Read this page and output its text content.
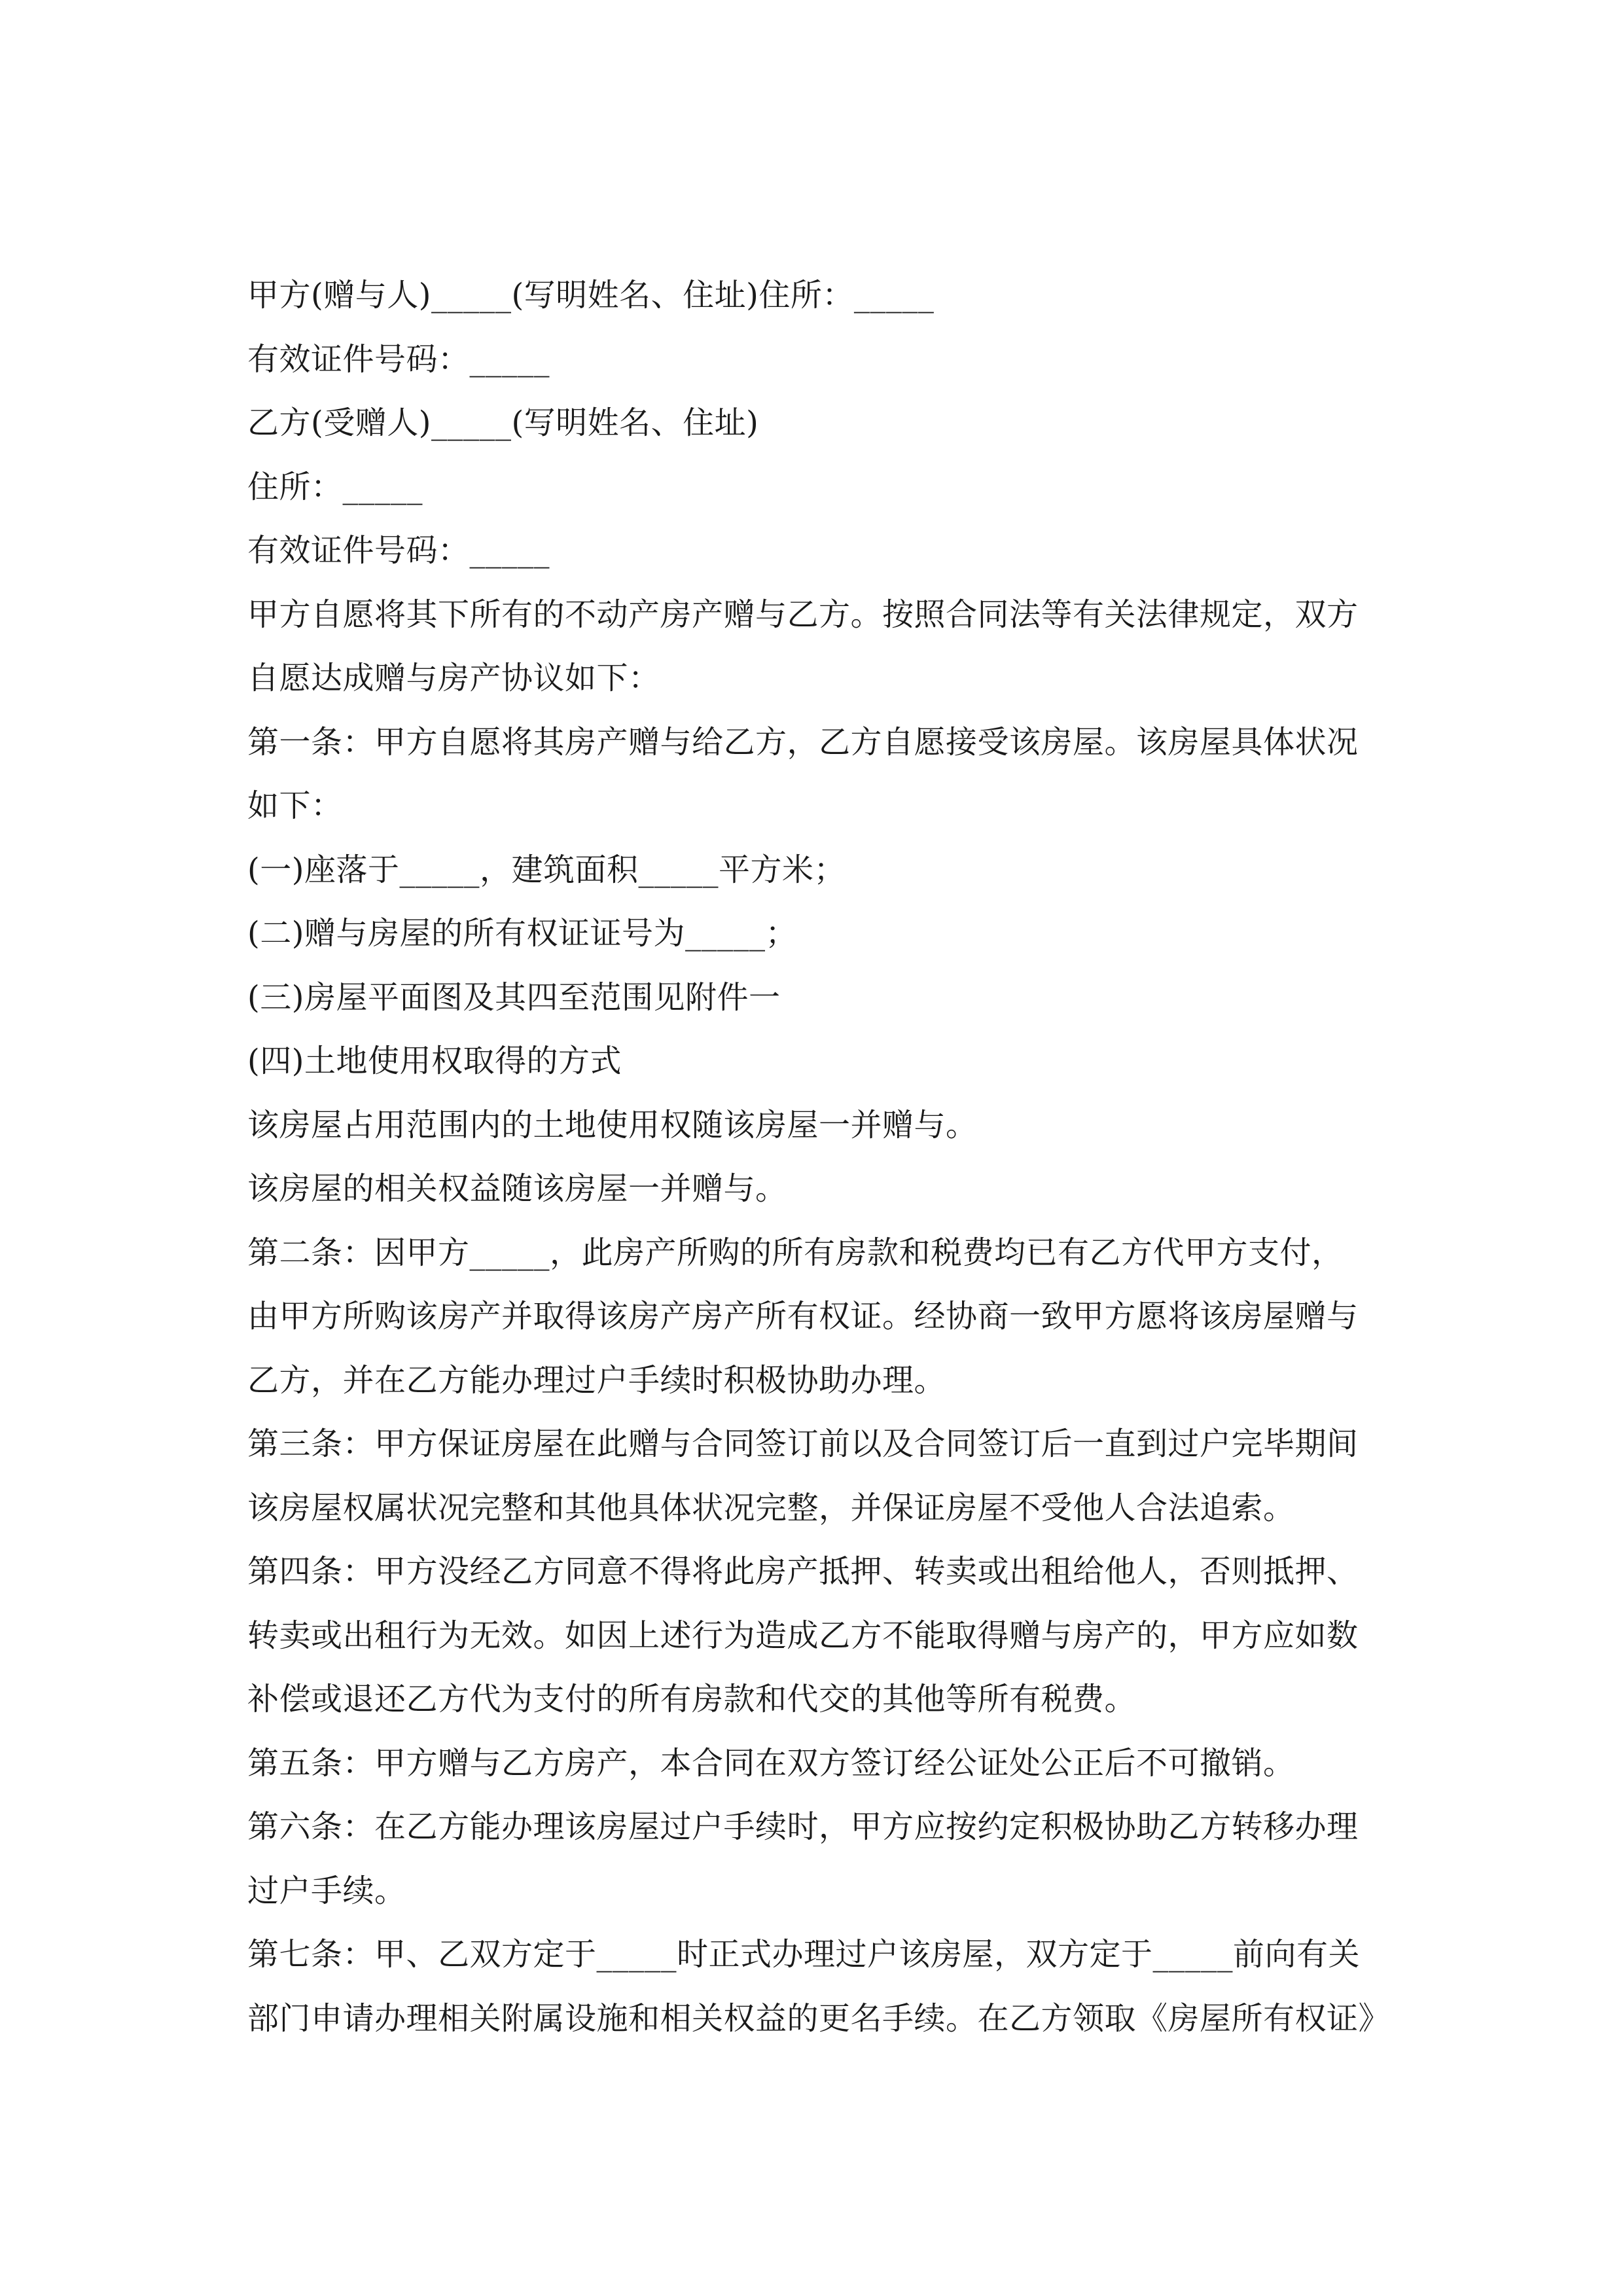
甲方(赠与人)_____(写明姓名、住址)住所：_____
有效证件号码：_____
乙方(受赠人)_____(写明姓名、住址)
住所：_____
有效证件号码：_____
甲方自愿将其下所有的不动产房产赠与乙方。按照合同法等有关法律规定，双方
自愿达成赠与房产协议如下：
第一条：甲方自愿将其房产赠与给乙方，乙方自愿接受该房屋。该房屋具体状况
如下：
(一)座落于_____，建筑面积_____平方米；
(二)赠与房屋的所有权证证号为_____；
(三)房屋平面图及其四至范围见附件一
(四)土地使用权取得的方式
该房屋占用范围内的土地使用权随该房屋一并赠与。
该房屋的相关权益随该房屋一并赠与。
第二条：因甲方_____，此房产所购的所有房款和税费均已有乙方代甲方支付，
由甲方所购该房产并取得该房产房产所有权证。经协商一致甲方愿将该房屋赠与
乙方，并在乙方能办理过户手续时积极协助办理。
第三条：甲方保证房屋在此赠与合同签订前以及合同签订后一直到过户完毕期间
该房屋权属状况完整和其他具体状况完整，并保证房屋不受他人合法追索。
第四条：甲方没经乙方同意不得将此房产抵押、转卖或出租给他人，否则抵押、
转卖或出租行为无效。如因上述行为造成乙方不能取得赠与房产的，甲方应如数
补偿或退还乙方代为支付的所有房款和代交的其他等所有税费。
第五条：甲方赠与乙方房产，本合同在双方签订经公证处公正后不可撤销。
第六条：在乙方能办理该房屋过户手续时，甲方应按约定积极协助乙方转移办理
过户手续。
第七条：甲、乙双方定于_____时正式办理过户该房屋，双方定于_____前向有关
部门申请办理相关附属设施和相关权益的更名手续。在乙方领取《房屋所有权证》
